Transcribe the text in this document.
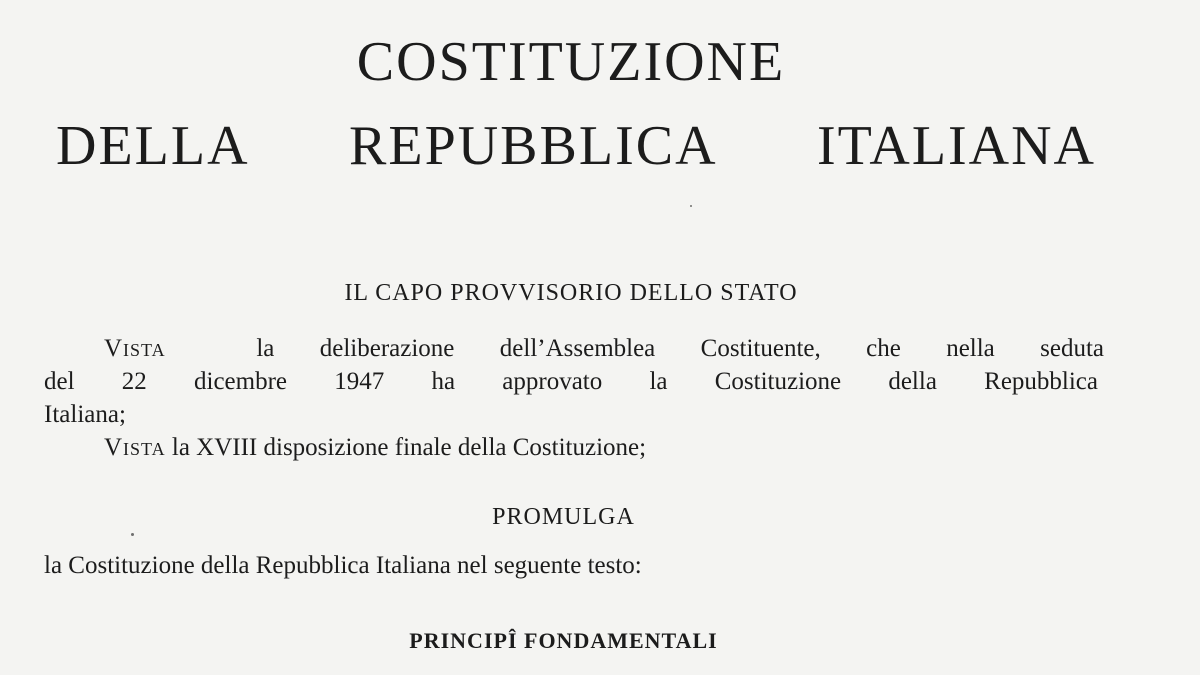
COSTITUZIONE
DELLA REPUBBLICA ITALIANA

IL CAPO PROVVISORIO DELLO STATO

Vista	la deliberazione dell’Assemblea Costituente, che nella seduta

del 22 dicembre 1947 ha approvato la Costituzione della Repubblica

Italiana;

Vista la XVIII disposizione finale della Costituzione;

PROMULGA

la Costituzione della Repubblica Italiana nel seguente testo:

PRINCIPÎ FONDAMENTALI
